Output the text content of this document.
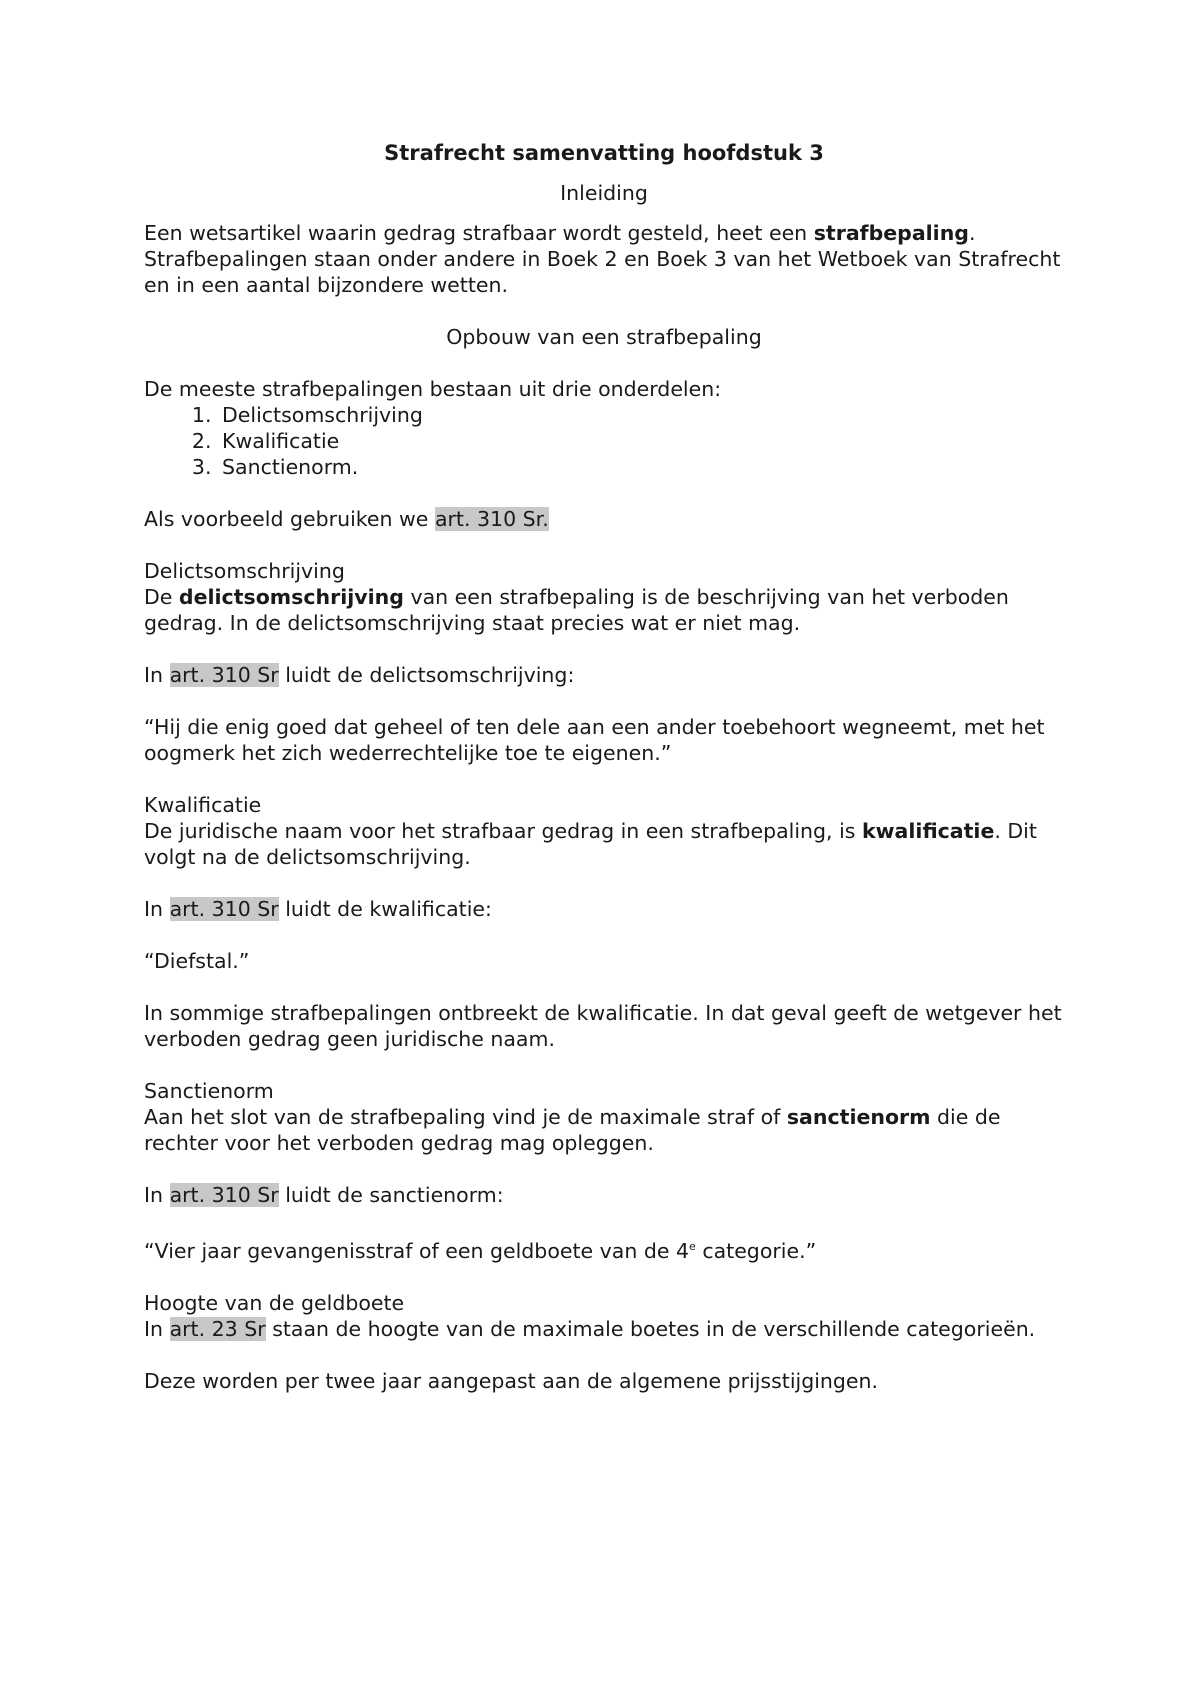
Strafrecht samenvatting hoofdstuk 3

Inleiding

Een wetsartikel waarin gedrag strafbaar wordt gesteld, heet een strafbepaling.
Strafbepalingen staan onder andere in Boek 2 en Boek 3 van het Wetboek van Strafrecht en in een aantal bijzondere wetten.

Opbouw van een strafbepaling

De meeste strafbepalingen bestaan uit drie onderdelen:

1. Delictsomschrijving
2. Kwalificatie
3. Sanctienorm.

Als voorbeeld gebruiken we art. 310 Sr.

Delictsomschrijving

De delictsomschrijving van een strafbepaling is de beschrijving van het verboden gedrag. In de delictsomschrijving staat precies wat er niet mag.

In art. 310 Sr luidt de delictsomschrijving:

“Hij die enig goed dat geheel of ten dele aan een ander toebehoort wegneemt, met het oogmerk het zich wederrechtelijke toe te eigenen.”

Kwalificatie

De juridische naam voor het strafbaar gedrag in een strafbepaling, is kwalificatie. Dit volgt na de delictsomschrijving.

In art. 310 Sr luidt de kwalificatie:

“Diefstal.”

In sommige strafbepalingen ontbreekt de kwalificatie. In dat geval geeft de wetgever het verboden gedrag geen juridische naam.

Sanctienorm

Aan het slot van de strafbepaling vind je de maximale straf of sanctienorm die de rechter voor het verboden gedrag mag opleggen.

In art. 310 Sr luidt de sanctienorm:

“Vier jaar gevangenisstraf of een geldboete van de 4e categorie.”

Hoogte van de geldboete

In art. 23 Sr staan de hoogte van de maximale boetes in de verschillende categorieën.

Deze worden per twee jaar aangepast aan de algemene prijsstijgingen.
